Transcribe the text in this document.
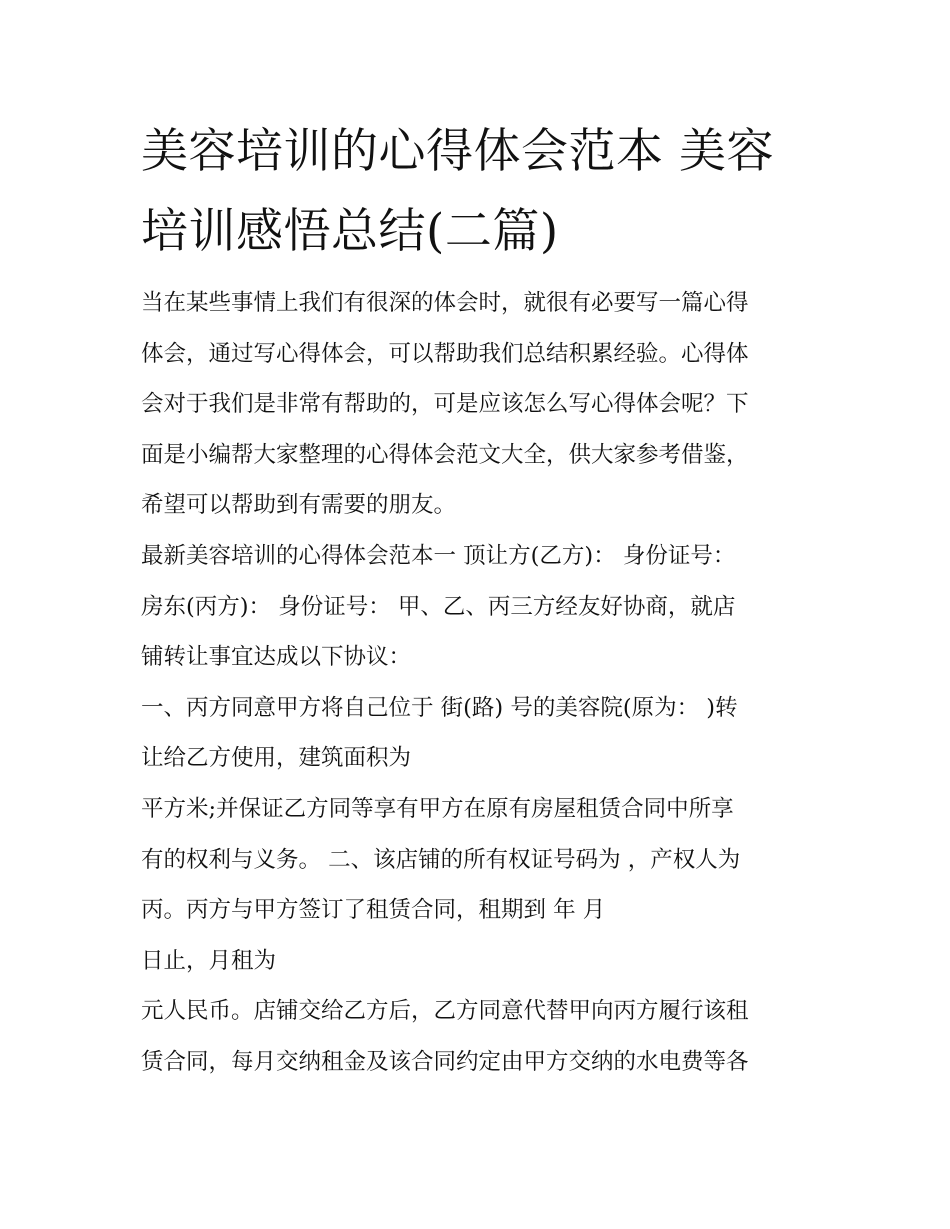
美容培训的心得体会范本 美容
培训感悟总结(二篇)
当在某些事情上我们有很深的体会时，就很有必要写一篇心得
体会，通过写心得体会，可以帮助我们总结积累经验。心得体
会对于我们是非常有帮助的，可是应该怎么写心得体会呢？下
面是小编帮大家整理的心得体会范文大全，供大家参考借鉴，
希望可以帮助到有需要的朋友。
最新美容培训的心得体会范本一 顶让方(乙方)： 身份证号：
房东(丙方)： 身份证号： 甲、乙、丙三方经友好协商，就店
铺转让事宜达成以下协议：
一、丙方同意甲方将自己位于 街(路) 号的美容院(原为： )转
让给乙方使用，建筑面积为
平方米;并保证乙方同等享有甲方在原有房屋租赁合同中所享
有的权利与义务。 二、该店铺的所有权证号码为 ，产权人为
丙。丙方与甲方签订了租赁合同，租期到 年 月
日止，月租为
元人民币。店铺交给乙方后，乙方同意代替甲向丙方履行该租
赁合同，每月交纳租金及该合同约定由甲方交纳的水电费等各
